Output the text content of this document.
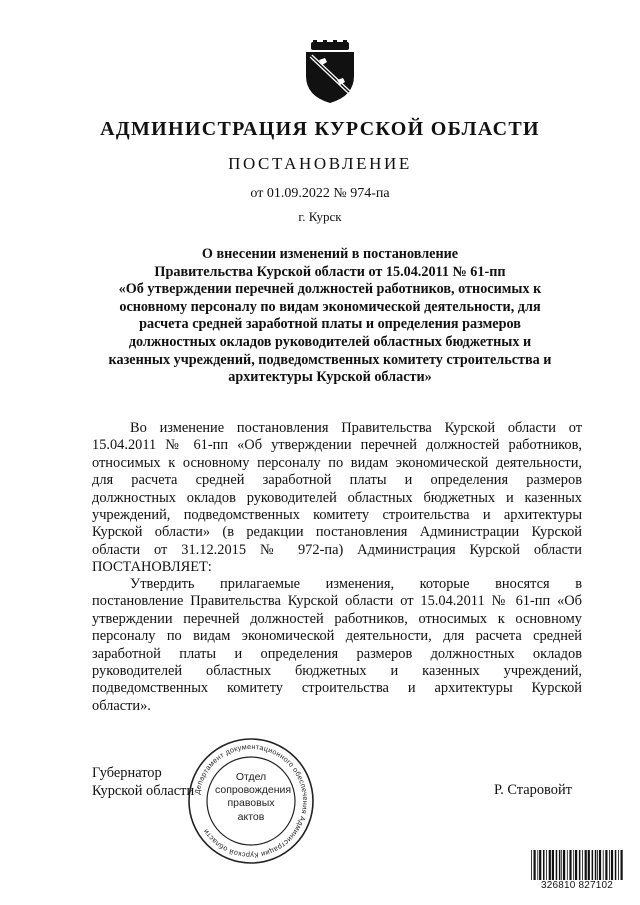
АДМИНИСТРАЦИЯ КУРСКОЙ ОБЛАСТИ
ПОСТАНОВЛЕНИЕ
от 01.09.2022 № 974-па
г. Курск
О внесении изменений в постановление
Правительства Курской области от 15.04.2011 № 61-пп
«Об утверждении перечней должностей работников, относимых к
основному персоналу по видам экономической деятельности, для
расчета средней заработной платы и определения размеров
должностных окладов руководителей областных бюджетных и
казенных учреждений, подведомственных комитету строительства и
архитектуры Курской области»
Во изменение постановления Правительства Курской области от
15.04.2011 № 61-пп «Об утверждении перечней должностей работников,
относимых к основному персоналу по видам экономической деятельности,
для расчета средней заработной платы и определения размеров
должностных окладов руководителей областных бюджетных и казенных
учреждений, подведомственных комитету строительства и архитектуры
Курской области» (в редакции постановления Администрации Курской
области от 31.12.2015 № 972-па) Администрация Курской области
ПОСТАНОВЛЯЕТ:
Утвердить прилагаемые изменения, которые вносятся в
постановление Правительства Курской области от 15.04.2011 № 61-пп «Об
утверждении перечней должностей работников, относимых к основному
персоналу по видам экономической деятельности, для расчета средней
заработной платы и определения размеров должностных окладов
руководителей областных бюджетных и казенных учреждений,
подведомственных комитету строительства и архитектуры Курской
области».
Губернатор
Курской области	Р. Старовойт
Департамент документационного обеспечения Администрации Курской области
Отдел
сопровождения
правовых
актов
326810 827102
